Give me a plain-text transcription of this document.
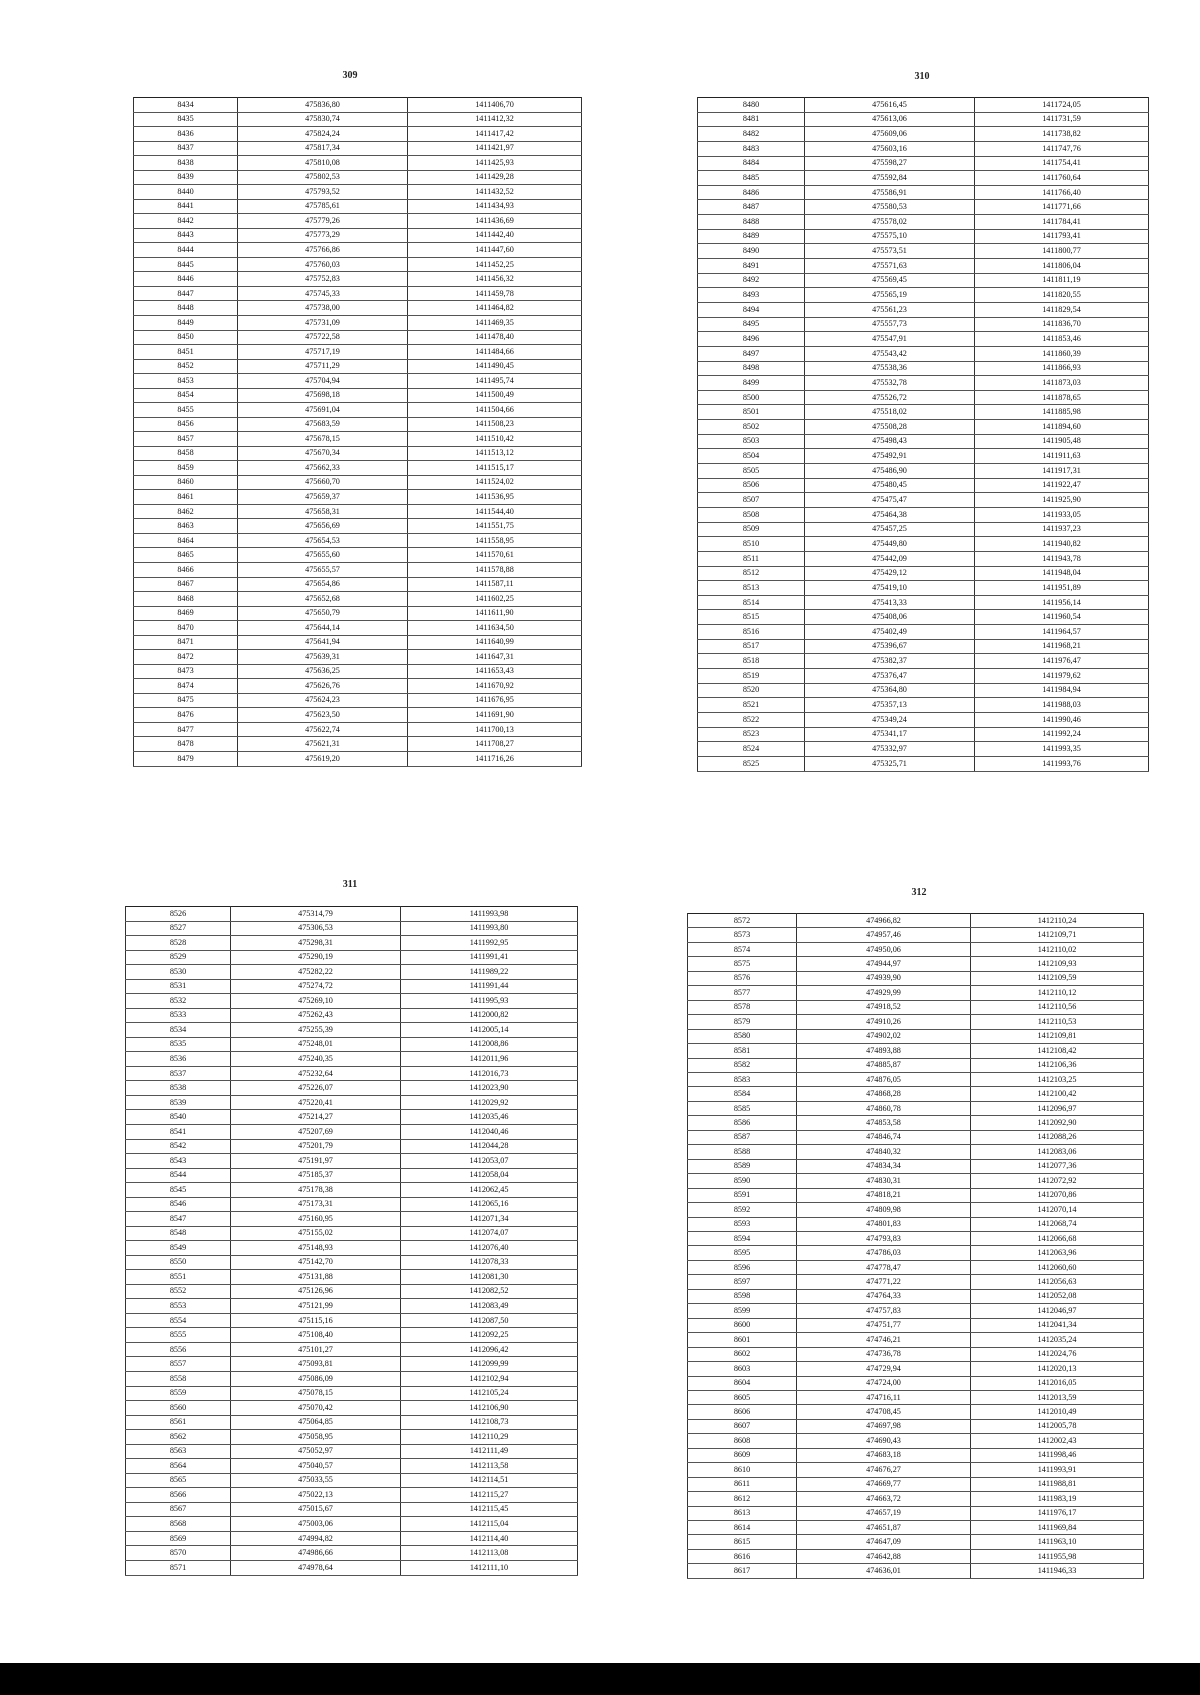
309
8434	475836,80	1411406,70
8435	475830,74	1411412,32
8436	475824,24	1411417,42
8437	475817,34	1411421,97
8438	475810,08	1411425,93
8439	475802,53	1411429,28
8440	475793,52	1411432,52
8441	475785,61	1411434,93
8442	475779,26	1411436,69
8443	475773,29	1411442,40
8444	475766,86	1411447,60
8445	475760,03	1411452,25
8446	475752,83	1411456,32
8447	475745,33	1411459,78
8448	475738,00	1411464,82
8449	475731,09	1411469,35
8450	475722,58	1411478,40
8451	475717,19	1411484,66
8452	475711,29	1411490,45
8453	475704,94	1411495,74
8454	475698,18	1411500,49
8455	475691,04	1411504,66
8456	475683,59	1411508,23
8457	475678,15	1411510,42
8458	475670,34	1411513,12
8459	475662,33	1411515,17
8460	475660,70	1411524,02
8461	475659,37	1411536,95
8462	475658,31	1411544,40
8463	475656,69	1411551,75
8464	475654,53	1411558,95
8465	475655,60	1411570,61
8466	475655,57	1411578,88
8467	475654,86	1411587,11
8468	475652,68	1411602,25
8469	475650,79	1411611,90
8470	475644,14	1411634,50
8471	475641,94	1411640,99
8472	475639,31	1411647,31
8473	475636,25	1411653,43
8474	475626,76	1411670,92
8475	475624,23	1411676,95
8476	475623,50	1411691,90
8477	475622,74	1411700,13
8478	475621,31	1411708,27
8479	475619,20	1411716,26
310
8480	475616,45	1411724,05
8481	475613,06	1411731,59
8482	475609,06	1411738,82
8483	475603,16	1411747,76
8484	475598,27	1411754,41
8485	475592,84	1411760,64
8486	475586,91	1411766,40
8487	475580,53	1411771,66
8488	475578,02	1411784,41
8489	475575,10	1411793,41
8490	475573,51	1411800,77
8491	475571,63	1411806,04
8492	475569,45	1411811,19
8493	475565,19	1411820,55
8494	475561,23	1411829,54
8495	475557,73	1411836,70
8496	475547,91	1411853,46
8497	475543,42	1411860,39
8498	475538,36	1411866,93
8499	475532,78	1411873,03
8500	475526,72	1411878,65
8501	475518,02	1411885,98
8502	475508,28	1411894,60
8503	475498,43	1411905,48
8504	475492,91	1411911,63
8505	475486,90	1411917,31
8506	475480,45	1411922,47
8507	475475,47	1411925,90
8508	475464,38	1411933,05
8509	475457,25	1411937,23
8510	475449,80	1411940,82
8511	475442,09	1411943,78
8512	475429,12	1411948,04
8513	475419,10	1411951,89
8514	475413,33	1411956,14
8515	475408,06	1411960,54
8516	475402,49	1411964,57
8517	475396,67	1411968,21
8518	475382,37	1411976,47
8519	475376,47	1411979,62
8520	475364,80	1411984,94
8521	475357,13	1411988,03
8522	475349,24	1411990,46
8523	475341,17	1411992,24
8524	475332,97	1411993,35
8525	475325,71	1411993,76
311
8526	475314,79	1411993,98
8527	475306,53	1411993,80
8528	475298,31	1411992,95
8529	475290,19	1411991,41
8530	475282,22	1411989,22
8531	475274,72	1411991,44
8532	475269,10	1411995,93
8533	475262,43	1412000,82
8534	475255,39	1412005,14
8535	475248,01	1412008,86
8536	475240,35	1412011,96
8537	475232,64	1412016,73
8538	475226,07	1412023,90
8539	475220,41	1412029,92
8540	475214,27	1412035,46
8541	475207,69	1412040,46
8542	475201,79	1412044,28
8543	475191,97	1412053,07
8544	475185,37	1412058,04
8545	475178,38	1412062,45
8546	475173,31	1412065,16
8547	475160,95	1412071,34
8548	475155,02	1412074,07
8549	475148,93	1412076,40
8550	475142,70	1412078,33
8551	475131,88	1412081,30
8552	475126,96	1412082,52
8553	475121,99	1412083,49
8554	475115,16	1412087,50
8555	475108,40	1412092,25
8556	475101,27	1412096,42
8557	475093,81	1412099,99
8558	475086,09	1412102,94
8559	475078,15	1412105,24
8560	475070,42	1412106,90
8561	475064,85	1412108,73
8562	475058,95	1412110,29
8563	475052,97	1412111,49
8564	475040,57	1412113,58
8565	475033,55	1412114,51
8566	475022,13	1412115,27
8567	475015,67	1412115,45
8568	475003,06	1412115,04
8569	474994,82	1412114,40
8570	474986,66	1412113,08
8571	474978,64	1412111,10
312
8572	474966,82	1412110,24
8573	474957,46	1412109,71
8574	474950,06	1412110,02
8575	474944,97	1412109,93
8576	474939,90	1412109,59
8577	474929,99	1412110,12
8578	474918,52	1412110,56
8579	474910,26	1412110,53
8580	474902,02	1412109,81
8581	474893,88	1412108,42
8582	474885,87	1412106,36
8583	474876,05	1412103,25
8584	474868,28	1412100,42
8585	474860,78	1412096,97
8586	474853,58	1412092,90
8587	474846,74	1412088,26
8588	474840,32	1412083,06
8589	474834,34	1412077,36
8590	474830,31	1412072,92
8591	474818,21	1412070,86
8592	474809,98	1412070,14
8593	474801,83	1412068,74
8594	474793,83	1412066,68
8595	474786,03	1412063,96
8596	474778,47	1412060,60
8597	474771,22	1412056,63
8598	474764,33	1412052,08
8599	474757,83	1412046,97
8600	474751,77	1412041,34
8601	474746,21	1412035,24
8602	474736,78	1412024,76
8603	474729,94	1412020,13
8604	474724,00	1412016,05
8605	474716,11	1412013,59
8606	474708,45	1412010,49
8607	474697,98	1412005,78
8608	474690,43	1412002,43
8609	474683,18	1411998,46
8610	474676,27	1411993,91
8611	474669,77	1411988,81
8612	474663,72	1411983,19
8613	474657,19	1411976,17
8614	474651,87	1411969,84
8615	474647,09	1411963,10
8616	474642,88	1411955,98
8617	474636,01	1411946,33
